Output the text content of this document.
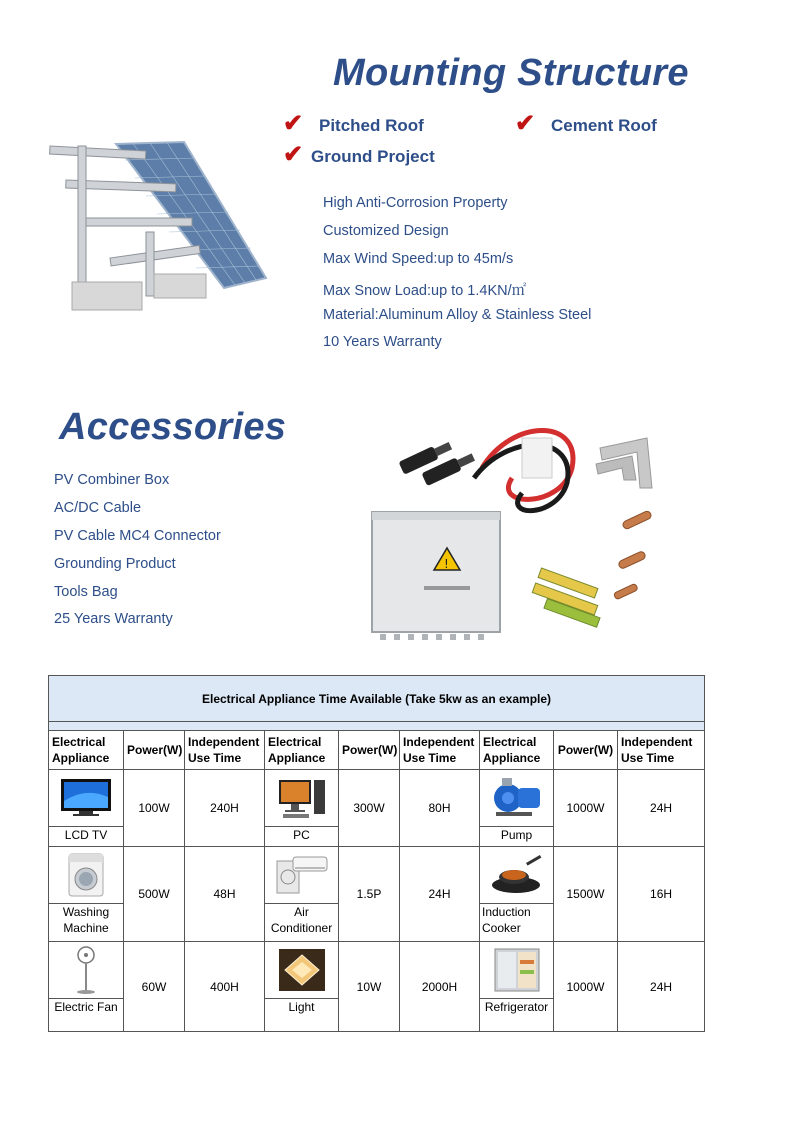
Mounting Structure
✔ Pitched Roof	✔ Cement Roof
✔ Ground Project
High Anti-Corrosion Property
Customized Design
Max Wind Speed:up to 45m/s
Max Snow Load:up to 1.4KN/㎡
Material:Aluminum Alloy & Stainless Steel
10 Years Warranty
Accessories
PV Combiner Box
AC/DC Cable
PV Cable MC4 Connector
Grounding Product
Tools Bag
25 Years Warranty
!
Electrical Appliance Time Available (Take 5kw as an example)								

Electrical Appliance	Power(W)	Independent Use Time	Electrical Appliance	Power(W)	Independent Use Time	Electrical Appliance	Power(W)	Independent Use Time

LCD TV	100W	240H	PC	300W	80H	Pump	1000W	24H

Washing Machine	500W	48H	Air Conditioner	1.5P	24H	Induction Cooker	1500W	16H

Electric Fan	60W	400H	Light	10W	2000H	Refrigerator	1000W	24H
